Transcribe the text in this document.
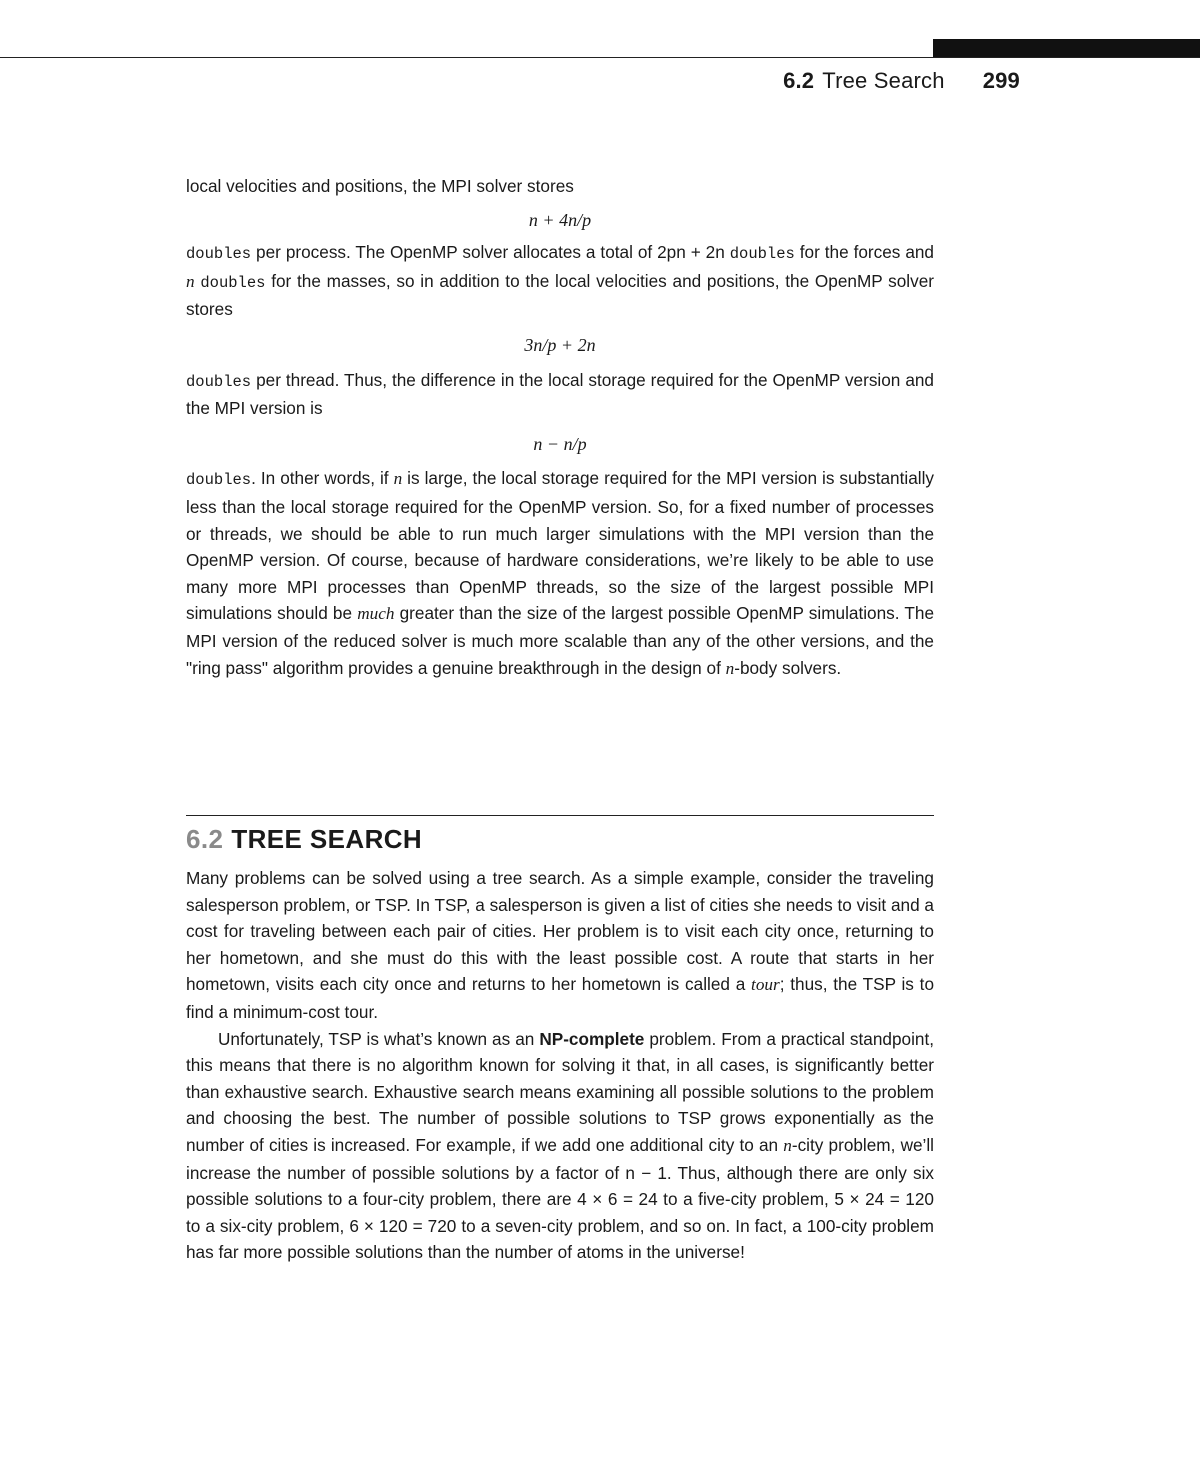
6.2 Tree Search 299

local velocities and positions, the MPI solver stores

n + 4n/p

doubles per process. The OpenMP solver allocates a total of 2pn + 2n doubles for the forces and n doubles for the masses, so in addition to the local velocities and positions, the OpenMP solver stores

3n/p + 2n

doubles per thread. Thus, the difference in the local storage required for the OpenMP version and the MPI version is

n − n/p

doubles. In other words, if n is large, the local storage required for the MPI version is substantially less than the local storage required for the OpenMP version. So, for a fixed number of processes or threads, we should be able to run much larger simulations with the MPI version than the OpenMP version. Of course, because of hardware considerations, we’re likely to be able to use many more MPI processes than OpenMP threads, so the size of the largest possible MPI simulations should be much greater than the size of the largest possible OpenMP simulations. The MPI version of the reduced solver is much more scalable than any of the other versions, and the "ring pass" algorithm provides a genuine breakthrough in the design of n-body solvers.

6.2 TREE SEARCH

Many problems can be solved using a tree search. As a simple example, consider the traveling salesperson problem, or TSP. In TSP, a salesperson is given a list of cities she needs to visit and a cost for traveling between each pair of cities. Her problem is to visit each city once, returning to her hometown, and she must do this with the least possible cost. A route that starts in her hometown, visits each city once and returns to her hometown is called a tour; thus, the TSP is to find a minimum-cost tour.

Unfortunately, TSP is what’s known as an NP-complete problem. From a practical standpoint, this means that there is no algorithm known for solving it that, in all cases, is significantly better than exhaustive search. Exhaustive search means examining all possible solutions to the problem and choosing the best. The number of possible solutions to TSP grows exponentially as the number of cities is increased. For example, if we add one additional city to an n-city problem, we’ll increase the number of possible solutions by a factor of n − 1. Thus, although there are only six possible solutions to a four-city problem, there are 4 × 6 = 24 to a five-city problem, 5 × 24 = 120 to a six-city problem, 6 × 120 = 720 to a seven-city problem, and so on. In fact, a 100-city problem has far more possible solutions than the number of atoms in the universe!
